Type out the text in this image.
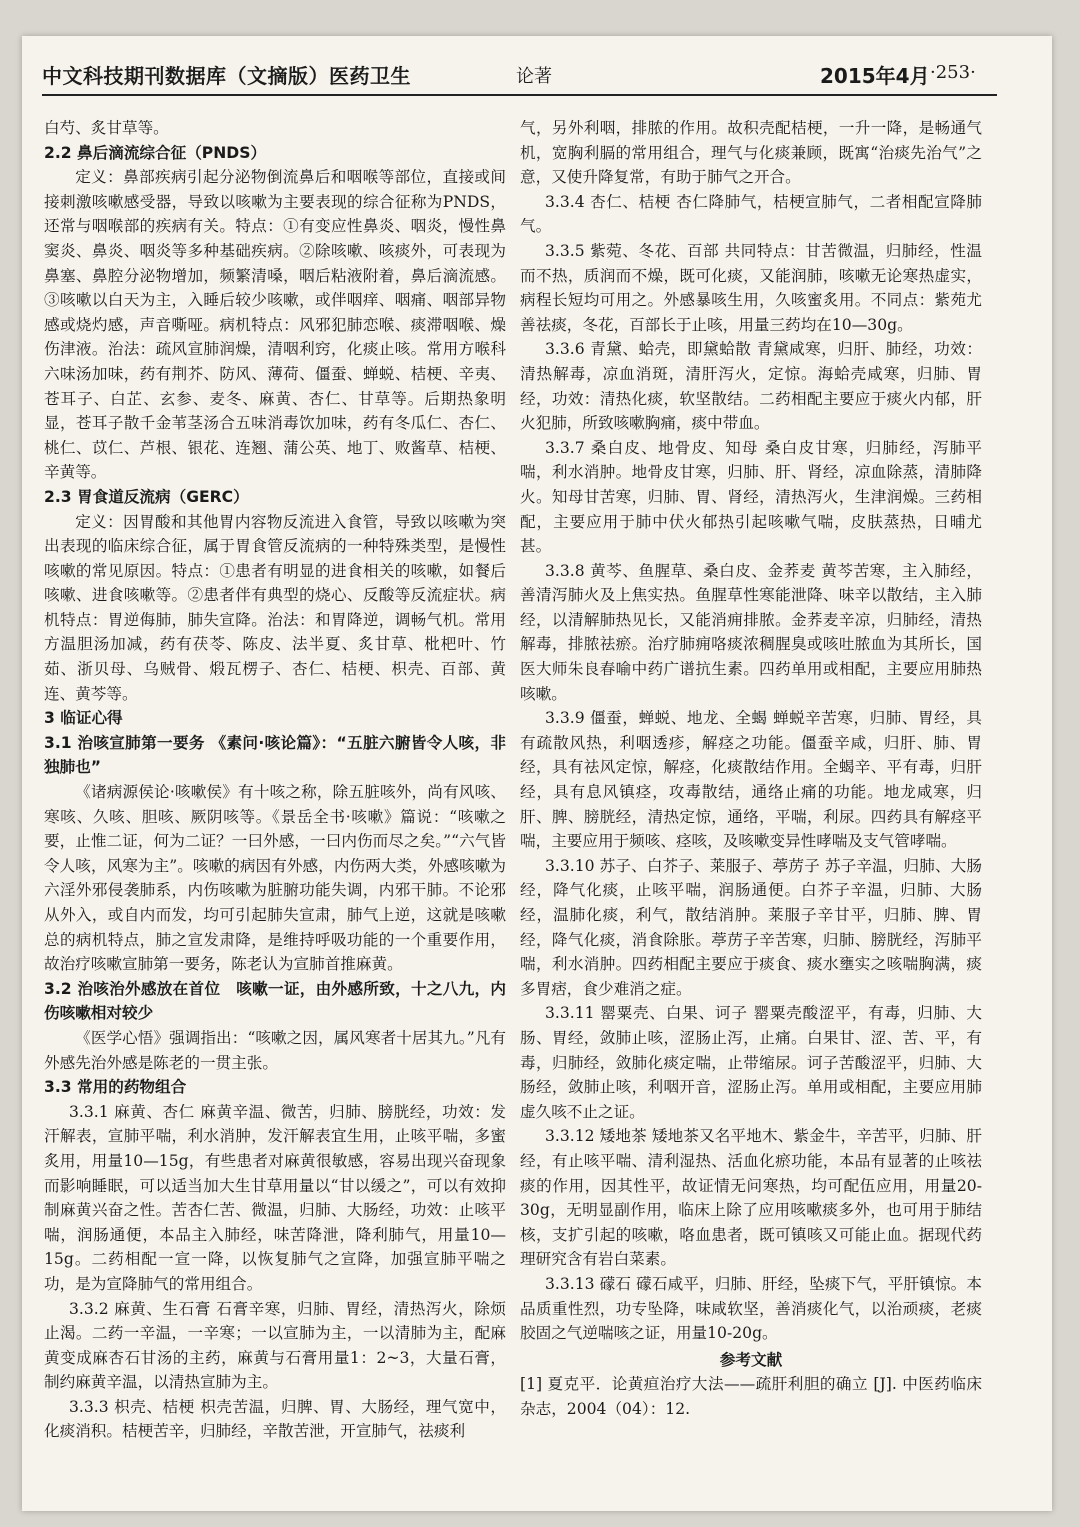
中文科技期刊数据库（文摘版）医药卫生	论著	2015年4月 ·253·

白芍、炙甘草等。

2.2 鼻后滴流综合征（PNDS）

定义：鼻部疾病引起分泌物倒流鼻后和咽喉等部位，直接或间接刺激咳嗽感受器，导致以咳嗽为主要表现的综合征称为PNDS，还常与咽喉部的疾病有关。特点：①有变应性鼻炎、咽炎，慢性鼻窦炎、鼻炎、咽炎等多种基础疾病。②除咳嗽、咳痰外，可表现为鼻塞、鼻腔分泌物增加，频繁清嗓，咽后粘液附着，鼻后滴流感。③咳嗽以白天为主，入睡后较少咳嗽，或伴咽痒、咽痛、咽部异物感或烧灼感，声音嘶哑。病机特点：风邪犯肺恋喉、痰滞咽喉、燥伤津液。治法：疏风宣肺润燥，清咽利窍，化痰止咳。常用方喉科六味汤加味，药有荆芥、防风、薄荷、僵蚕、蝉蜕、桔梗、辛夷、苍耳子、白芷、玄参、麦冬、麻黄、杏仁、甘草等。后期热象明显，苍耳子散千金苇茎汤合五味消毒饮加味，药有冬瓜仁、杏仁、桃仁、苡仁、芦根、银花、连翘、蒲公英、地丁、败酱草、桔梗、辛黄等。

2.3 胃食道反流病（GERC）

定义：因胃酸和其他胃内容物反流进入食管，导致以咳嗽为突出表现的临床综合征，属于胃食管反流病的一种特殊类型，是慢性咳嗽的常见原因。特点：①患者有明显的进食相关的咳嗽，如餐后咳嗽、进食咳嗽等。②患者伴有典型的烧心、反酸等反流症状。病机特点：胃逆侮肺，肺失宣降。治法：和胃降逆，调畅气机。常用方温胆汤加减，药有茯苓、陈皮、法半夏、炙甘草、枇杷叶、竹茹、浙贝母、乌贼骨、煅瓦楞子、杏仁、桔梗、枳壳、百部、黄连、黄芩等。

3 临证心得
3.1 治咳宣肺第一要务 《素问·咳论篇》：“五脏六腑皆令人咳，非独肺也”

《诸病源侯论·咳嗽侯》有十咳之称，除五脏咳外，尚有风咳、寒咳、久咳、胆咳、厥阴咳等。《景岳全书·咳嗽》篇说：“咳嗽之要，止惟二证，何为二证？一曰外感，一曰内伤而尽之矣。”“六气皆令人咳，风寒为主”。咳嗽的病因有外感，内伤两大类，外感咳嗽为六淫外邪侵袭肺系，内伤咳嗽为脏腑功能失调，内邪干肺。不论邪从外入，或自内而发，均可引起肺失宣肃，肺气上逆，这就是咳嗽总的病机特点，肺之宣发肃降，是维持呼吸功能的一个重要作用，故治疗咳嗽宣肺第一要务，陈老认为宣肺首推麻黄。

3.2 治咳治外感放在首位　咳嗽一证，由外感所致，十之八九，内伤咳嗽相对较少

《医学心悟》强调指出：“咳嗽之因，属风寒者十居其九。”凡有外感先治外感是陈老的一贯主张。

3.3 常用的药物组合

3.3.1 麻黄、杏仁 麻黄辛温、微苦，归肺、膀胱经，功效：发汗解表，宣肺平喘，利水消肿，发汗解表宜生用，止咳平喘，多蜜炙用，用量10—15g，有些患者对麻黄很敏感，容易出现兴奋现象而影响睡眠，可以适当加大生甘草用量以“甘以缓之”，可以有效抑制麻黄兴奋之性。苦杏仁苦、微温，归肺、大肠经，功效：止咳平喘，润肠通便，本品主入肺经，味苦降泄，降利肺气，用量10—15g。二药相配一宣一降，以恢复肺气之宣降，加强宣肺平喘之功，是为宣降肺气的常用组合。

3.3.2 麻黄、生石膏 石膏辛寒，归肺、胃经，清热泻火，除烦止渴。二药一辛温，一辛寒；一以宣肺为主，一以清肺为主，配麻黄变成麻杏石甘汤的主药，麻黄与石膏用量1：2~3，大量石膏，制约麻黄辛温，以清热宣肺为主。

3.3.3 枳壳、桔梗 枳壳苦温，归脾、胃、大肠经，理气宽中，化痰消积。桔梗苦辛，归肺经，辛散苦泄，开宣肺气，祛痰利

气，另外利咽，排脓的作用。故积壳配桔梗，一升一降，是畅通气机，宽胸利膈的常用组合，理气与化痰兼顾，既寓“治痰先治气”之意，又使升降复常，有助于肺气之开合。

3.3.4 杏仁、桔梗 杏仁降肺气，桔梗宣肺气，二者相配宣降肺气。

3.3.5 紫菀、冬花、百部 共同特点：甘苦微温，归肺经，性温而不热，质润而不燥，既可化痰，又能润肺，咳嗽无论寒热虚实，病程长短均可用之。外感暴咳生用，久咳蜜炙用。不同点：紫苑尤善祛痰，冬花，百部长于止咳，用量三药均在10—30g。

3.3.6 青黛、蛤壳，即黛蛤散 青黛咸寒，归肝、肺经，功效：清热解毒，凉血消斑，清肝泻火，定惊。海蛤壳咸寒，归肺、胃经，功效：清热化痰，软坚散结。二药相配主要应于痰火内郁，肝火犯肺，所致咳嗽胸痛，痰中带血。

3.3.7 桑白皮、地骨皮、知母 桑白皮甘寒，归肺经，泻肺平喘，利水消肿。地骨皮甘寒，归肺、肝、肾经，凉血除蒸，清肺降火。知母甘苦寒，归肺、胃、肾经，清热泻火，生津润燥。三药相配，主要应用于肺中伏火郁热引起咳嗽气喘，皮肤蒸热，日晡尤甚。

3.3.8 黄芩、鱼腥草、桑白皮、金荞麦 黄芩苦寒，主入肺经，善清泻肺火及上焦实热。鱼腥草性寒能泄降、味辛以散结，主入肺经，以清解肺热见长，又能消痈排脓。金荞麦辛凉，归肺经，清热解毒，排脓祛瘀。治疗肺痈咯痰浓稠腥臭或咳吐脓血为其所长，国医大师朱良春喻中药广谱抗生素。四药单用或相配，主要应用肺热咳嗽。

3.3.9 僵蚕，蝉蜕、地龙、全蝎 蝉蜕辛苦寒，归肺、胃经，具有疏散风热，利咽透疹，解痉之功能。僵蚕辛咸，归肝、肺、胃经，具有祛风定惊，解痉，化痰散结作用。全蝎辛、平有毒，归肝经，具有息风镇痉，攻毒散结，通络止痛的功能。地龙咸寒，归肝、脾、膀胱经，清热定惊，通络，平喘，利尿。四药具有解痉平喘，主要应用于频咳、痉咳，及咳嗽变异性哮喘及支气管哮喘。

3.3.10 苏子、白芥子、莱服子、葶苈子 苏子辛温，归肺、大肠经，降气化痰，止咳平喘，润肠通便。白芥子辛温，归肺、大肠经，温肺化痰，利气，散结消肿。莱服子辛甘平，归肺、脾、胃经，降气化痰，消食除胀。葶苈子辛苦寒，归肺、膀胱经，泻肺平喘，利水消肿。四药相配主要应于痰食、痰水壅实之咳喘胸满，痰多胃痞，食少难消之症。

3.3.11 罂粟壳、白果、诃子 罂粟壳酸涩平，有毒，归肺、大肠、胃经，敛肺止咳，涩肠止泻，止痛。白果甘、涩、苦、平，有毒，归肺经，敛肺化痰定喘，止带缩尿。诃子苦酸涩平，归肺、大肠经，敛肺止咳，利咽开音，涩肠止泻。单用或相配，主要应用肺虚久咳不止之证。

3.3.12 矮地茶 矮地茶又名平地木、紫金牛，辛苦平，归肺、肝经，有止咳平喘、清利湿热、活血化瘀功能，本品有显著的止咳祛痰的作用，因其性平，故证情无问寒热，均可配伍应用，用量20-30g，无明显副作用，临床上除了应用咳嗽痰多外，也可用于肺结核，支扩引起的咳嗽，咯血患者，既可镇咳又可能止血。据现代药理研究含有岩白菜素。

3.3.13 礞石 礞石咸平，归肺、肝经，坠痰下气，平肝镇惊。本品质重性烈，功专坠降，味咸软坚，善消痰化气，以治顽痰，老痰胶固之气逆喘咳之证，用量10-20g。

参考文献

[1] 夏克平．论黄疸治疗大法——疏肝利胆的确立 [J]. 中医药临床杂志，2004（04）：12.
